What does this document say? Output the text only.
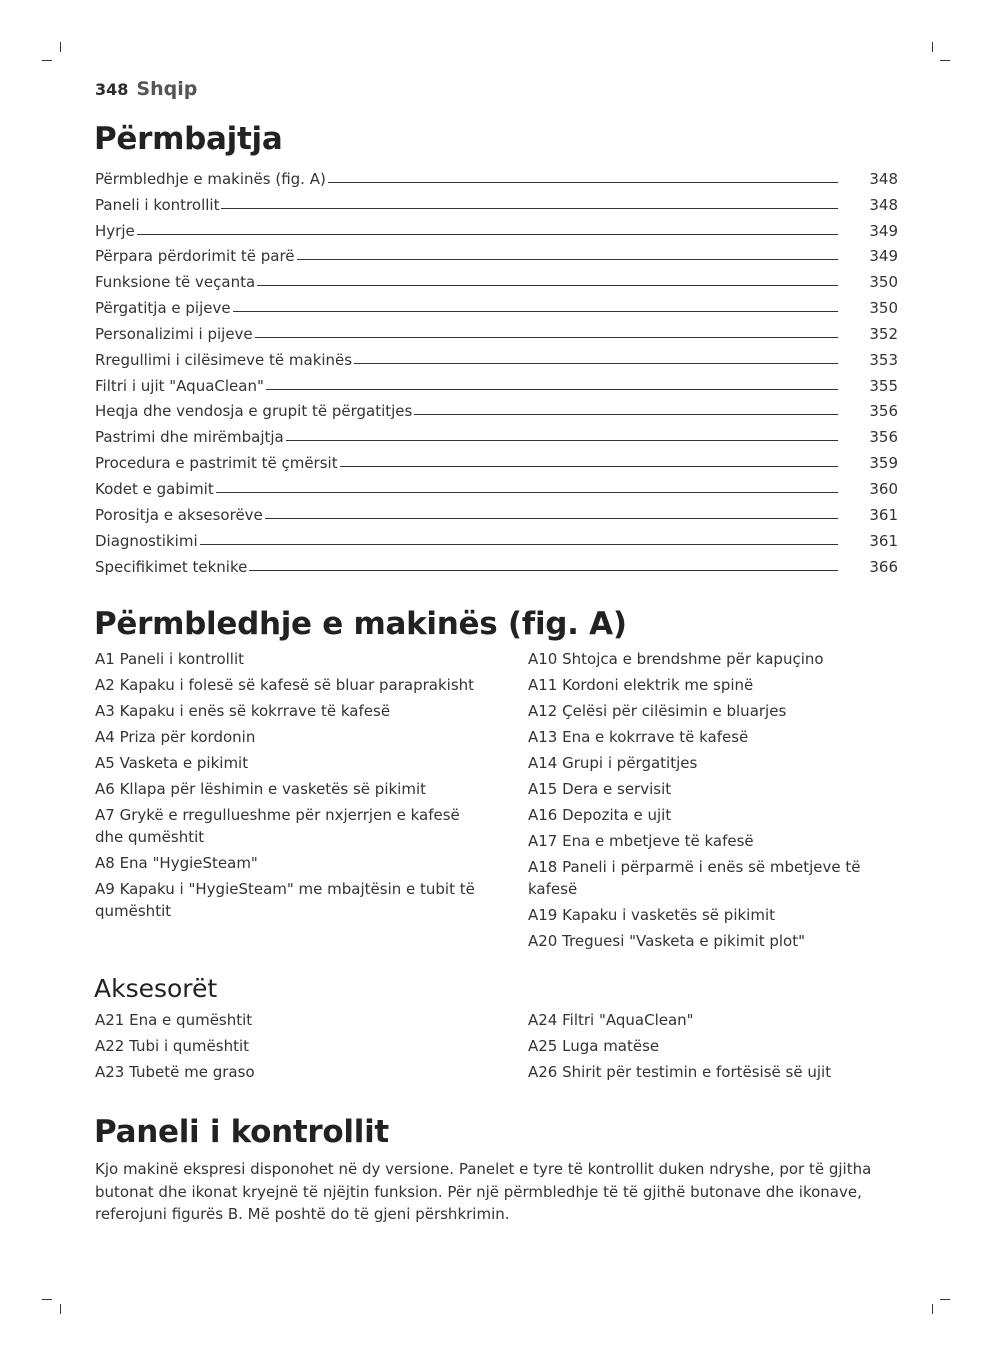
348 Shqip
Përmbajtja
Përmbledhje e makinës (fig. A)	348
Paneli i kontrollit	348
Hyrje	349
Përpara përdorimit të parë	349
Funksione të veçanta	350
Përgatitja e pijeve	350
Personalizimi i pijeve	352
Rregullimi i cilësimeve të makinës	353
Filtri i ujit "AquaClean"	355
Heqja dhe vendosja e grupit të përgatitjes	356
Pastrimi dhe mirëmbajtja	356
Procedura e pastrimit të çmërsit	359
Kodet e gabimit	360
Porositja e aksesorëve	361
Diagnostikimi	361
Specifikimet teknike	366
Përmbledhje e makinës (fig. A)
A1 Paneli i kontrollit
A2 Kapaku i folesë së kafesë së bluar paraprakisht
A3 Kapaku i enës së kokrrave të kafesë
A4 Priza për kordonin
A5 Vasketa e pikimit
A6 Kllapa për lëshimin e vasketës së pikimit
A7 Grykë e rregullueshme për nxjerrjen e kafesë dhe qumështit
A8 Ena "HygieSteam"
A9 Kapaku i "HygieSteam" me mbajtësin e tubit të qumështit
A10 Shtojca e brendshme për kapuçino
A11 Kordoni elektrik me spinë
A12 Çelësi për cilësimin e bluarjes
A13 Ena e kokrrave të kafesë
A14 Grupi i përgatitjes
A15 Dera e servisit
A16 Depozita e ujit
A17 Ena e mbetjeve të kafesë
A18 Paneli i përparmë i enës së mbetjeve të kafesë
A19 Kapaku i vasketës së pikimit
A20 Treguesi "Vasketa e pikimit plot"
Aksesorët
A21 Ena e qumështit
A22 Tubi i qumështit
A23 Tubetë me graso
A24 Filtri "AquaClean"
A25 Luga matëse
A26 Shirit për testimin e fortësisë së ujit
Paneli i kontrollit

Kjo makinë ekspresi disponohet në dy versione. Panelet e tyre të kontrollit duken ndryshe, por të gjitha butonat dhe ikonat kryejnë të njëjtin funksion. Për një përmbledhje të të gjithë butonave dhe ikonave, referojuni figurës B. Më poshtë do të gjeni përshkrimin.
